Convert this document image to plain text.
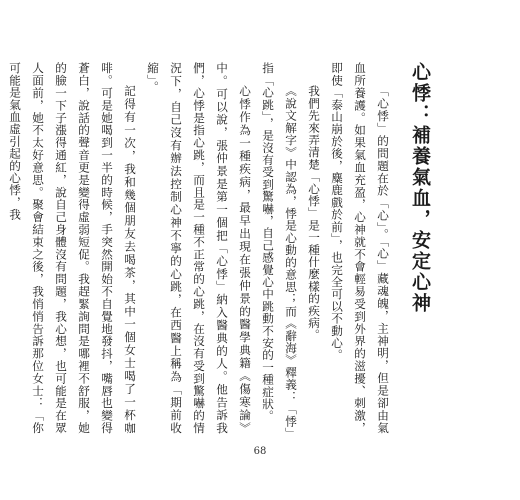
心悸：補養氣血，安定心神

「心悸」的問題在於「心」。「心」藏魂魄，主神明，但是卻由氣血所養護。如果氣血充盈，心神就不會輕易受到外界的滋擾、刺激，即使「泰山崩於後，麋鹿戲於前」，也完全可以不動心。

我們先來弄清楚「心悸」是一種什麼樣的疾病。

《說文解字》中認為，悸是心動的意思；而《辭海》釋義：「悸」指「心跳」，是沒有受到驚嚇，自己感覺心中跳動不安的一種症狀。

心悸作為一種疾病，最早出現在張仲景的醫學典籍《傷寒論》中。可以說，張仲景是第一個把「心悸」納入醫典的人。他告訴我們，心悸是指心跳，而且是一種不正常的心跳，在沒有受到驚嚇的情況下，自己沒有辦法控制心神不寧的心跳，在西醫上稱為「期前收縮」。

記得有一次，我和幾個朋友去喝茶，其中一個女士喝了一杯咖啡。可是她喝到一半的時候，手突然開始不自覺地發抖，嘴唇也變得蒼白，說話的聲音更是變得虛弱短促。我趕緊詢問是哪裡不舒服，她的臉一下子漲得通紅，說自己身體沒有問題，我心想，也可能是在眾人面前，她不太好意思。聚會結束之後，我悄悄告訴那位女士：「你可能是氣血虛引起的心悸，我

68
